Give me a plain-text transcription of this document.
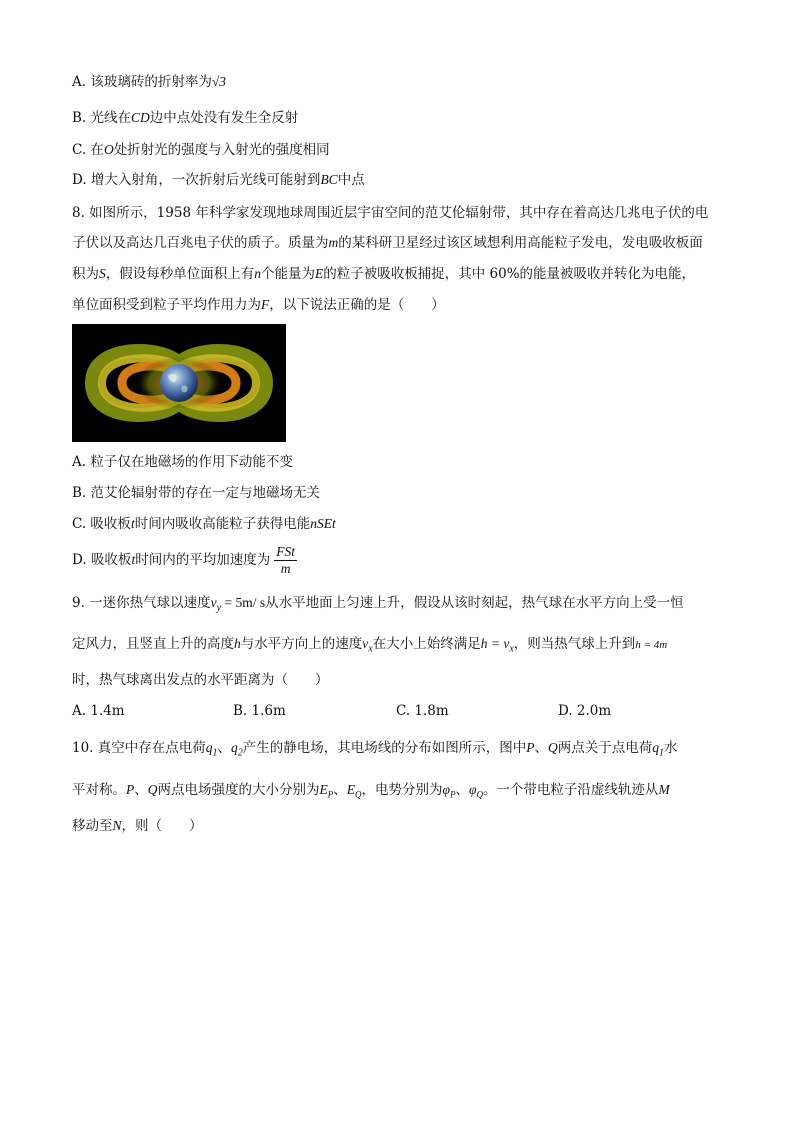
A. 该玻璃砖的折射率为√3
B. 光线在CD边中点处没有发生全反射
C. 在O处折射光的强度与入射光的强度相同
D. 增大入射角，一次折射后光线可能射到BC中点
8. 如图所示，1958 年科学家发现地球周围近层宇宙空间的范艾伦辐射带，其中存在着高达几兆电子伏的电
子伏以及高达几百兆电子伏的质子。质量为m的某科研卫星经过该区域想利用高能粒子发电，发电吸收板面
积为S，假设每秒单位面积上有n个能量为E的粒子被吸收板捕捉，其中 60%的能量被吸收并转化为电能，
单位面积受到粒子平均作用力为F，以下说法正确的是（　　）
A. 粒子仅在地磁场的作用下动能不变
B. 范艾伦辐射带的存在一定与地磁场无关
C. 吸收板t时间内吸收高能粒子获得电能nSEt
D. 吸收板t时间内的平均加速度为 $\frac{\text{FSt}}{m}$
9. 一迷你热气球以速度$v_y = 5m/$ s从水平地面上匀速上升，假设从该时刻起，热气球在水平方向上受一恒
定风力，且竖直上升的高度h与水平方向上的速度$v_x$在大小上始终满足$h = v_x$，则当热气球上升到h = 4m
时，热气球离出发点的水平距离为（　　）
A. 1.4m	B. 1.6m	C. 1.8m	D. 2.0m
10. 真空中存在点电荷$q_1$、$q_2$产生的静电场，其电场线的分布如图所示，图中P、Q两点关于点电荷$q_1$水
平对称。P、Q两点电场强度的大小分别为$E_P$、$E_Q$，电势分别为$\varphi_P$、$\varphi_Q$。一个带电粒子沿虚线轨迹从M
移动至N，则（　　）
